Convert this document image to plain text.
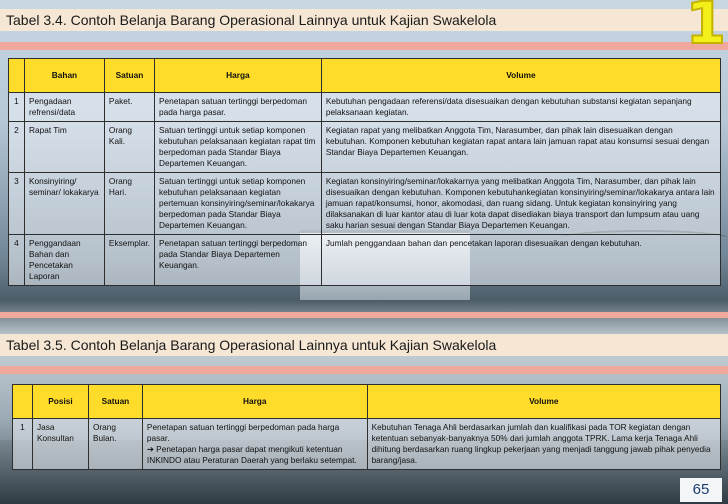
Tabel 3.4. Contoh Belanja Barang Operasional Lainnya untuk Kajian Swakelola	1
	Bahan	Satuan	Harga	Volume
1	Pengadaan refrensi/data	Paket.	Penetapan satuan tertinggi berpedoman pada harga pasar.	Kebutuhan pengadaan referensi/data disesuaikan dengan kebutuhan substansi kegiatan sepanjang pelaksanaan kegiatan.
2	Rapat Tim	Orang Kali.	Satuan tertinggi untuk setiap komponen kebutuhan pelaksanaan kegiatan rapat tim berpedoman pada Standar Biaya Departemen Keuangan.	Kegiatan rapat yang melibatkan Anggota Tim, Narasumber, dan pihak lain disesuaikan dengan kebutuhan. Komponen kebutuhan kegiatan rapat antara lain jamuan rapat atau konsumsi sesuai dengan Standar Biaya Departemen Keuangan.
3	Konsinyiring/ seminar/ lokakarya	Orang Hari.	Satuan tertinggi untuk setiap komponen kebutuhan pelaksanaan kegiatan pertemuan konsinyiring/seminar/lokakarya berpedoman pada Standar Biaya Departemen Keuangan.	Kegiatan konsinyiring/seminar/lokakarnya yang melibatkan Anggota Tim, Narasumber, dan pihak lain disesuaikan dengan kebutuhan. Komponen kebutuhankegiatan konsinyiring/seminar/lokakarya antara lain jamuan rapat/konsumsi, honor, akomodasi, dan ruang sidang. Untuk kegiatan konsinyiring yang dilaksanakan di luar kantor atau di luar kota dapat disediakan biaya transport dan lumpsum atau uang saku harian sesuai dengan Standar Biaya Departemen Keuangan.
4	Penggandaan Bahan dan Pencetakan Laporan	Eksemplar.	Penetapan satuan tertinggi berpedoman pada Standar Biaya Departemen Keuangan.	Jumlah penggandaan bahan dan pencetakan laporan disesuaikan dengan kebutuhan.
Tabel 3.5. Contoh Belanja Barang Operasional Lainnya untuk Kajian Swakelola
	Posisi	Satuan	Harga	Volume
1	Jasa Konsultan	Orang Bulan.	Penetapan satuan tertinggi berpedoman pada harga pasar.
➔ Penetapan harga pasar dapat mengikuti ketentuan INKINDO atau Peraturan Daerah yang berlaku setempat.	Kebutuhan Tenaga Ahli berdasarkan jumlah dan kualifikasi pada TOR kegiatan dengan ketentuan sebanyak-banyaknya 50% dari jumlah anggota TPRK. Lama kerja Tenaga Ahli dihitung berdasarkan ruang lingkup pekerjaan yang menjadi tanggung jawab pihak penyedia barang/jasa.
65
